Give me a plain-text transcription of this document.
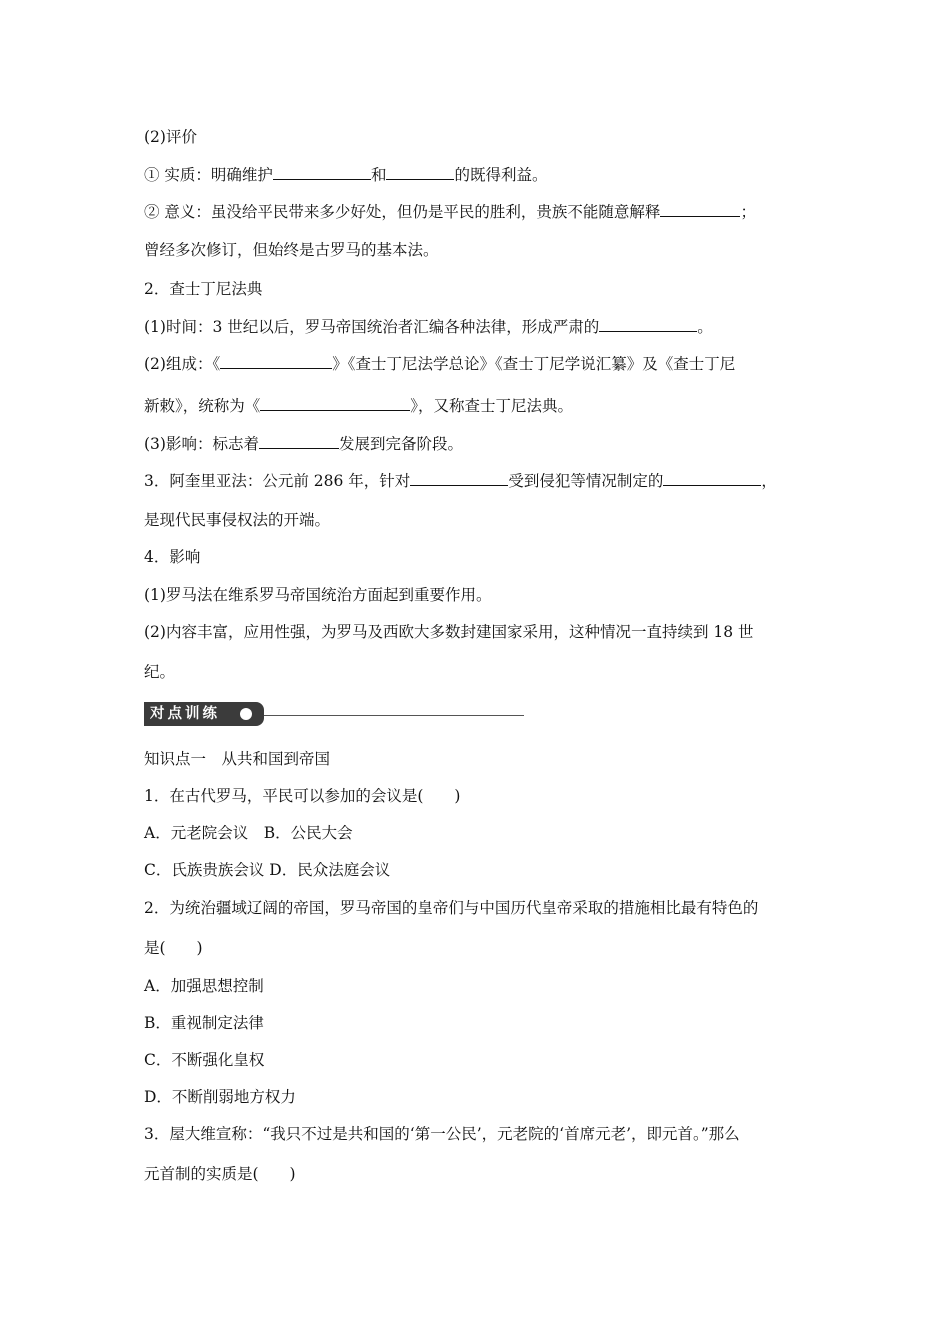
(2)评价
① 实质：明确维护	和	的既得利益。
② 意义：虽没给平民带来多少好处，但仍是平民的胜利，贵族不能随意解释	；
曾经多次修订，但始终是古罗马的基本法。
2．查士丁尼法典
(1)时间：3 世纪以后，罗马帝国统治者汇编各种法律，形成严肃的	。
(2)组成：《	》《查士丁尼法学总论》《查士丁尼学说汇纂》及《查士丁尼
新敕》，统称为《	》，又称查士丁尼法典。
(3)影响：标志着	发展到完备阶段。
3．阿奎里亚法：公元前 286 年，针对	受到侵犯等情况制定的	，
是现代民事侵权法的开端。
4．影响
(1)罗马法在维系罗马帝国统治方面起到重要作用。
(2)内容丰富，应用性强，为罗马及西欧大多数封建国家采用，这种情况一直持续到 18 世
纪。
对点训练
知识点一　从共和国到帝国
1．在古代罗马，平民可以参加的会议是(　　)
A．元老院会议　B．公民大会
C．氏族贵族会议 D．民众法庭会议
2．为统治疆域辽阔的帝国，罗马帝国的皇帝们与中国历代皇帝采取的措施相比最有特色的
是(　　)
A．加强思想控制
B．重视制定法律
C．不断强化皇权
D．不断削弱地方权力
3．屋大维宣称：“我只不过是共和国的‘第一公民’，元老院的‘首席元老’，即元首。”那么
元首制的实质是(　　)
